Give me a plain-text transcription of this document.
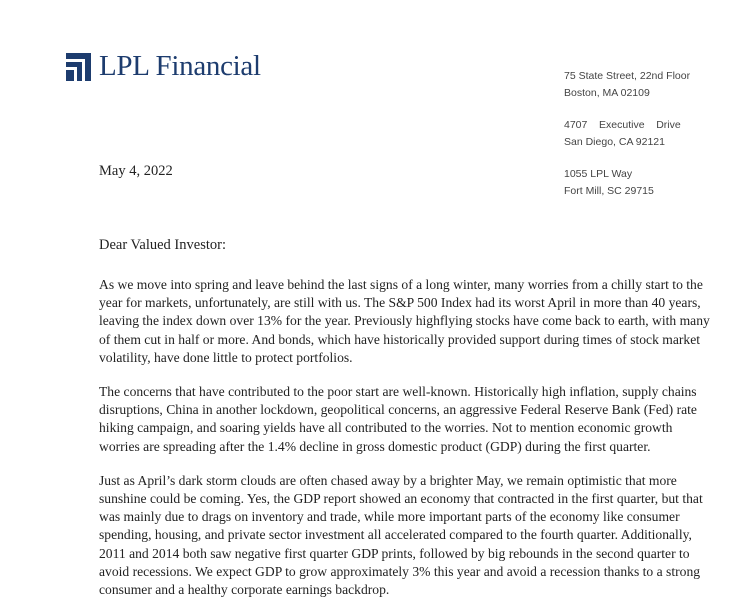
LPL Financial	75 State Street, 22nd Floor
Boston, MA 02109
4707    Executive    Drive
San Diego, CA 92121
1055 LPL Way
Fort Mill, SC 29715
May 4, 2022
Dear Valued Investor:

As we move into spring and leave behind the last signs of a long winter, many worries from a chilly start to the year for markets, unfortunately, are still with us. The S&P 500 Index had its worst April in more than 40 years, leaving the index down over 13% for the year. Previously highflying stocks have come back to earth, with many of them cut in half or more. And bonds, which have historically provided support during times of stock market volatility, have done little to protect portfolios.

The concerns that have contributed to the poor start are well-known. Historically high inflation, supply chains disruptions, China in another lockdown, geopolitical concerns, an aggressive Federal Reserve Bank (Fed) rate hiking campaign, and soaring yields have all contributed to the worries. Not to mention economic growth worries are spreading after the 1.4% decline in gross domestic product (GDP) during the first quarter.

Just as April’s dark storm clouds are often chased away by a brighter May, we remain optimistic that more sunshine could be coming. Yes, the GDP report showed an economy that contracted in the first quarter, but that was mainly due to drags on inventory and trade, while more important parts of the economy like consumer spending, housing, and private sector investment all accelerated compared to the fourth quarter. Additionally, 2011 and 2014 both saw negative first quarter GDP prints, followed by big rebounds in the second quarter to avoid recessions. We expect GDP to grow approximately 3% this year and avoid a recession thanks to a strong consumer and a healthy corporate earnings backdrop.
